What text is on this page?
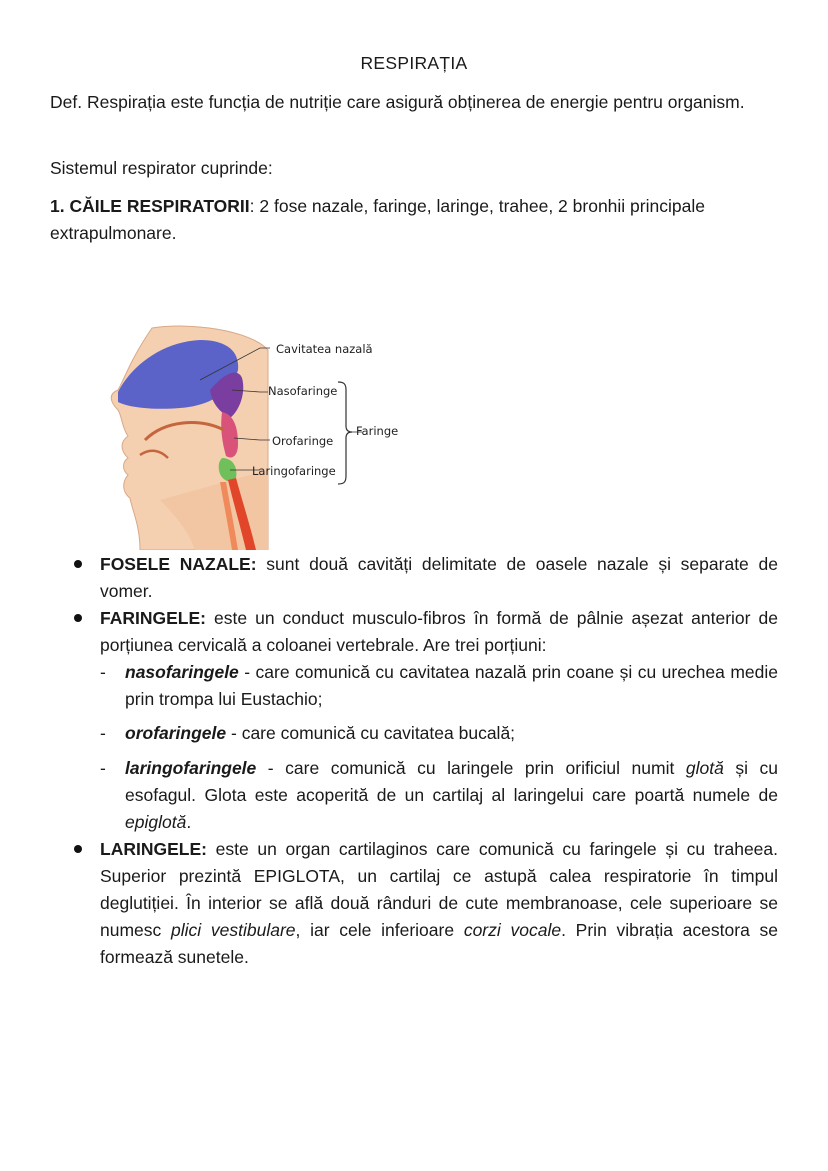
RESPIRAȚIA

Def. Respirația este funcția de nutriție care asigură obținerea de energie pentru organism.

Sistemul respirator cuprinde:

1. CĂILE RESPIRATORII: 2 fose nazale, faringe, laringe, trahee, 2 bronhii principale extrapulmonare.

Cavitatea nazală
Nasofaringe
Orofaringe
Laringofaringe
Faringe
FOSELE NAZALE: sunt două cavități delimitate de oasele nazale și separate de vomer.
FARINGELE: este un conduct musculo-fibros în formă de pâlnie așezat anterior de porțiunea cervicală a coloanei vertebrale. Are trei porțiuni:
- nasofaringele - care comunică cu cavitatea nazală prin coane și cu urechea medie prin trompa lui Eustachio;
- orofaringele - care comunică cu cavitatea bucală;
- laringofaringele - care comunică cu laringele prin orificiul numit glotă și cu esofagul. Glota este acoperită de un cartilaj al laringelui care poartă numele de epiglotă.
LARINGELE: este un organ cartilaginos care comunică cu faringele și cu traheea. Superior prezintă EPIGLOTA, un cartilaj ce astupă calea respiratorie în timpul deglutiției. În interior se află două rânduri de cute membranoase, cele superioare se numesc plici vestibulare, iar cele inferioare corzi vocale. Prin vibrația acestora se formează sunetele.
